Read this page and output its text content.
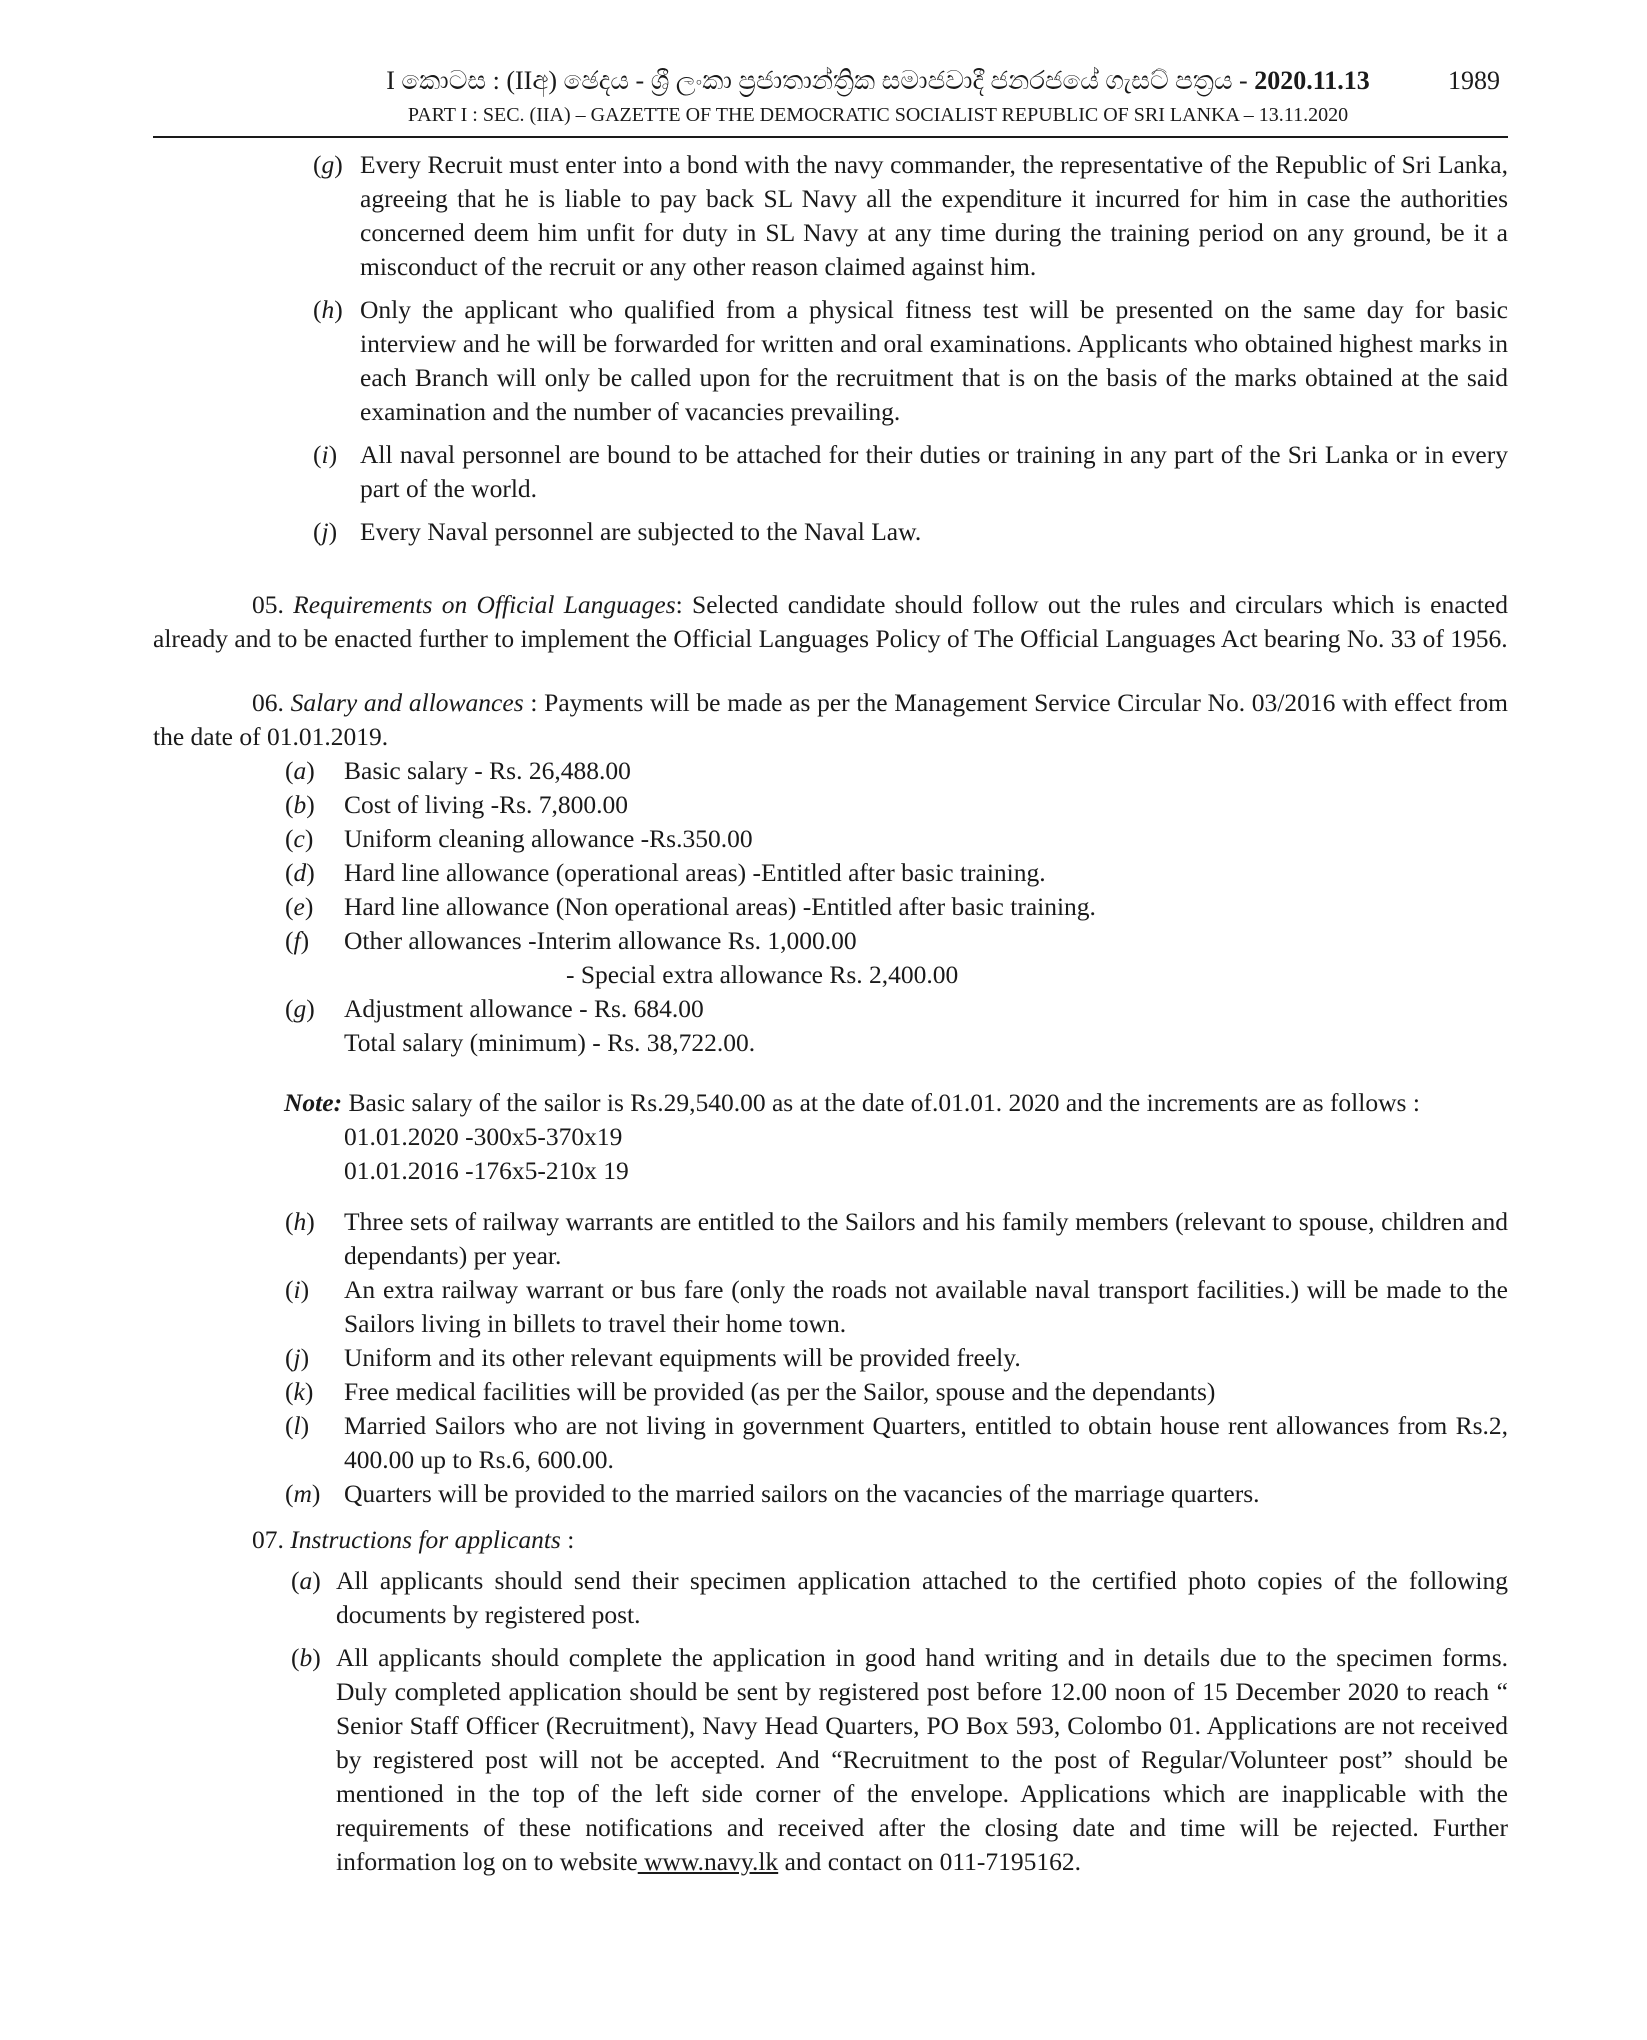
I කොටස : (IIඅ) ඡෙදය - ශ්‍රී ලංකා ප්‍රජාතාන්ත්‍රික සමාජවාදී ජනරජයේ ගැසට් පත්‍රය - 2020.11.13	1989
PART I : SEC. (IIA) – GAZETTE OF THE DEMOCRATIC SOCIALIST REPUBLIC OF SRI LANKA – 13.11.2020
(g) Every Recruit must enter into a bond with the navy commander, the representative of the Republic of Sri Lanka, agreeing that he is liable to pay back SL Navy all the expenditure it incurred for him in case the authorities concerned deem him unfit for duty in SL Navy at any time during the training period on any ground, be it a misconduct of the recruit or any other reason claimed against him.
(h) Only the applicant who qualified from a physical fitness test will be presented on the same day for basic interview and he will be forwarded for written and oral examinations. Applicants who obtained highest marks in each Branch will only be called upon for the recruitment that is on the basis of the marks obtained at the said examination and the number of vacancies prevailing.
(i) All naval personnel are bound to be attached for their duties or training in any part of the Sri Lanka or in every part of the world.
(j) Every Naval personnel are subjected to the Naval Law.
05. Requirements on Official Languages: Selected candidate should follow out the rules and circulars which is enacted already and to be enacted further to implement the Official Languages Policy of The Official Languages Act bearing No. 33 of 1956.
06. Salary and allowances : Payments will be made as per the Management Service Circular No. 03/2016 with effect from the date of 01.01.2019.
(a) Basic salary - Rs. 26,488.00
(b) Cost of living -Rs. 7,800.00
(c) Uniform cleaning allowance -Rs.350.00
(d) Hard line allowance (operational areas) -Entitled after basic training.
(e) Hard line allowance (Non operational areas) -Entitled after basic training.
(f) Other allowances -Interim allowance Rs. 1,000.00
- Special extra allowance Rs. 2,400.00
(g) Adjustment allowance - Rs. 684.00
Total salary (minimum) - Rs. 38,722.00.
Note: Basic salary of the sailor is Rs.29,540.00 as at the date of.01.01. 2020 and the increments are as follows :
01.01.2020 -300x5-370x19
01.01.2016 -176x5-210x 19
(h) Three sets of railway warrants are entitled to the Sailors and his family members (relevant to spouse, children and dependants) per year.
(i) An extra railway warrant or bus fare (only the roads not available naval transport facilities.) will be made to the Sailors living in billets to travel their home town.
(j) Uniform and its other relevant equipments will be provided freely.
(k) Free medical facilities will be provided (as per the Sailor, spouse and the dependants)
(l) Married Sailors who are not living in government Quarters, entitled to obtain house rent allowances from Rs.2, 400.00 up to Rs.6, 600.00.
(m) Quarters will be provided to the married sailors on the vacancies of the marriage quarters.
07. Instructions for applicants :
(a) All applicants should send their specimen application attached to the certified photo copies of the following documents by registered post.
(b) All applicants should complete the application in good hand writing and in details due to the specimen forms. Duly completed application should be sent by registered post before 12.00 noon of 15 December 2020 to reach “ Senior Staff Officer (Recruitment), Navy Head Quarters, PO Box 593, Colombo 01. Applications are not received by registered post will not be accepted. And “Recruitment to the post of Regular/Volunteer post” should be mentioned in the top of the left side corner of the envelope. Applications which are inapplicable with the requirements of these notifications and received after the closing date and time will be rejected. Further information log on to website www.navy.lk and contact on 011-7195162.
